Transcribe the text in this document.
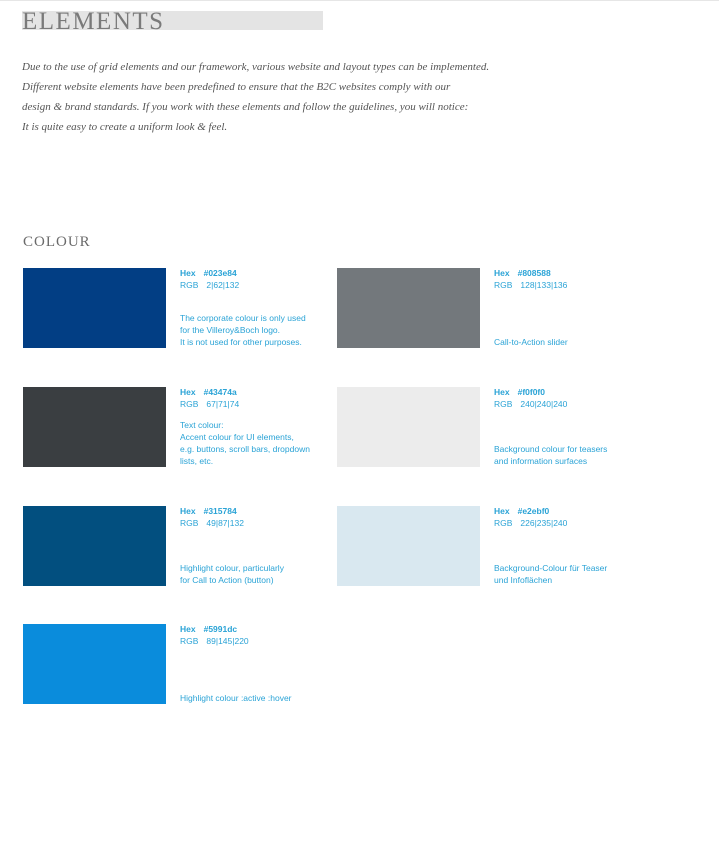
ELEMENTS
Due to the use of grid elements and our framework, various website and layout types can be implemented.
Different website elements have been predefined to ensure that the B2C websites comply with our
design & brand standards. If you work with these elements and follow the guidelines, you will notice:
It is quite easy to create a uniform look & feel.
COLOUR
Hex #023e84
RGB 2|62|132
The corporate colour is only used
for the Villeroy&Boch logo.
It is not used for other purposes.
Hex #808588
RGB 128|133|136
Call-to-Action slider
Hex #43474a
RGB 67|71|74
Text colour:
Accent colour for UI elements,
e.g. buttons, scroll bars, dropdown
lists, etc.
Hex #f0f0f0
RGB 240|240|240
Background colour for teasers
and information surfaces
Hex #315784
RGB 49|87|132
Highlight colour, particularly
for Call to Action (button)
Hex #e2ebf0
RGB 226|235|240
Background-Colour für Teaser
und Infoflächen
Hex #5991dc
RGB 89|145|220
Highlight colour :active :hover
